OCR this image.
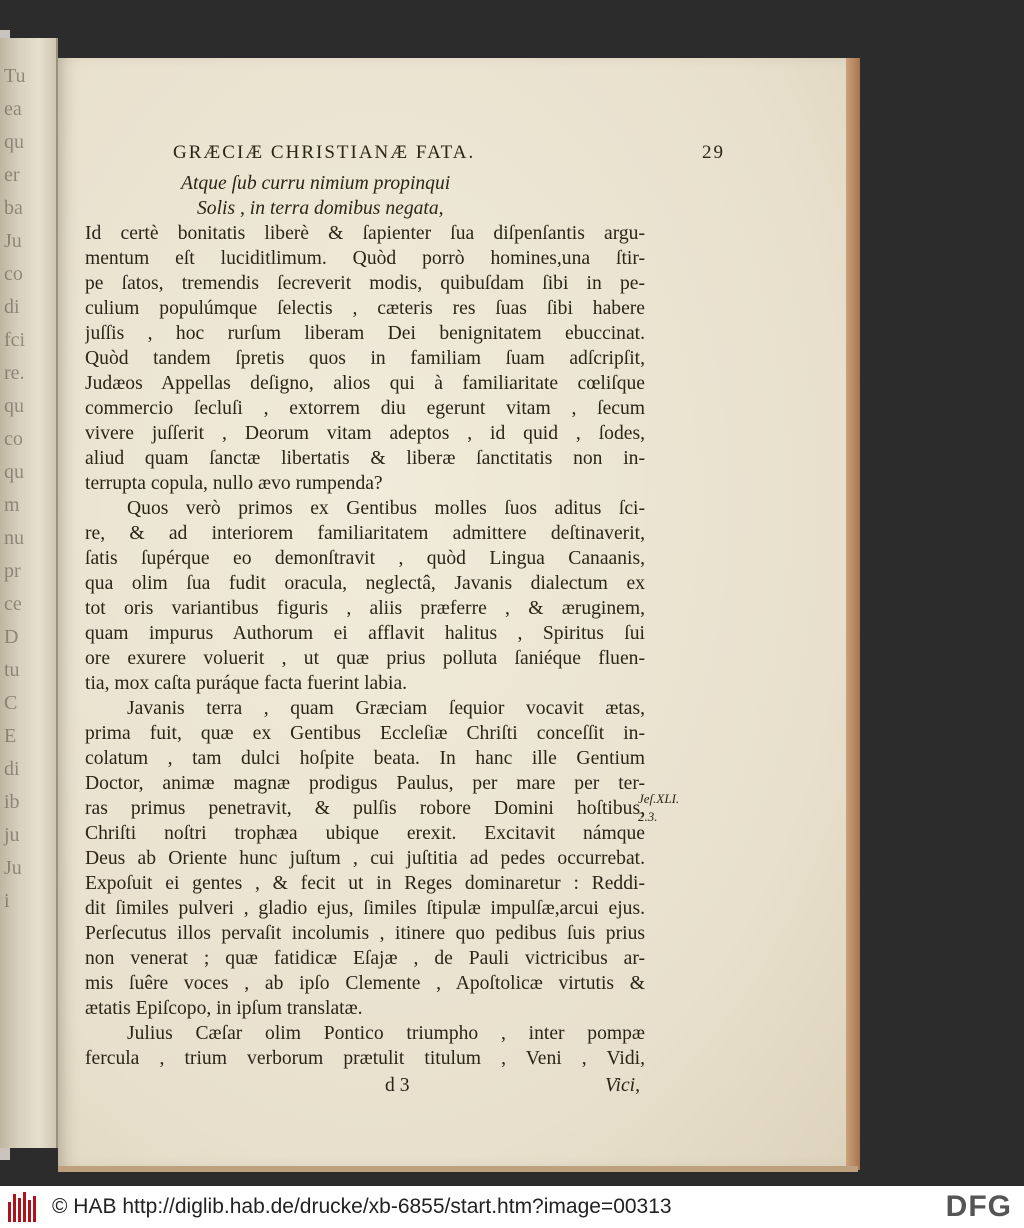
Tu
ea
qu
er
ba
Ju
co
di
fci
re.
qu
co
qu
m
nu
pr
ce
D
tu
C
E
di
ib
ju
Ju
i
GRÆCIÆ CHRISTIANÆ FATA.	29
Atque ſub curru nimium propinqui
Solis , in terra domibus negata,
Id certè bonitatis liberè & ſapienter ſua diſpenſantis argu-
mentum eſt luciditlimum. Quòd porrò homines,una ſtir-
pe ſatos, tremendis ſecreverit modis, quibuſdam ſibi in pe-
culium populúmque ſelectis , cæteris res ſuas ſibi habere
juſſis , hoc rurſum liberam Dei benignitatem ebuccinat.
Quòd tandem ſpretis quos in familiam ſuam adſcripſit,
Judæos Appellas deſigno, alios qui à familiaritate cœliſque
commercio ſecluſi , extorrem diu egerunt vitam , ſecum
vivere juſſerit , Deorum vitam adeptos , id quid , ſodes,
aliud quam ſanctæ libertatis & liberæ ſanctitatis non in-
terrupta copula, nullo ævo rumpenda?
Quos verò primos ex Gentibus molles ſuos aditus ſci-
re, & ad interiorem familiaritatem admittere deſtinaverit,
ſatis ſupérque eo demonſtravit , quòd Lingua Canaanis,
qua olim ſua fudit oracula, neglectâ, Javanis dialectum ex
tot oris variantibus figuris , aliis præferre , & æruginem,
quam impurus Authorum ei afflavit halitus , Spiritus ſui
ore exurere voluerit , ut quæ prius polluta ſaniéque fluen-
tia, mox caſta puráque facta fuerint labia.
Javanis terra , quam Græciam ſequior vocavit ætas,
prima fuit, quæ ex Gentibus Eccleſiæ Chriſti conceſſit in-
colatum , tam dulci hoſpite beata. In hanc ille Gentium
Doctor, animæ magnæ prodigus Paulus, per mare per ter-
ras primus penetravit, & pulſis robore Domini hoſtibus,
Chriſti noſtri trophæa ubique erexit. Excitavit námque
Deus ab Oriente hunc juſtum , cui juſtitia ad pedes occurrebat.
Expoſuit ei gentes , & fecit ut in Reges dominaretur : Reddi-
dit ſimiles pulveri , gladio ejus, ſimiles ſtipulæ impulſæ,arcui ejus.
Perſecutus illos pervaſit incolumis , itinere quo pedibus ſuis prius
non venerat ; quæ fatidicæ Eſajæ , de Pauli victricibus ar-
mis ſuêre voces , ab ipſo Clemente , Apoſtolicæ virtutis &
ætatis Epiſcopo, in ipſum translatæ.
Julius Cæſar olim Pontico triumpho , inter pompæ
fercula , trium verborum prætulit titulum , Veni , Vidi,
d 3	Vici,
Jeſ.XLI.
2.3.
© HAB http://diglib.hab.de/drucke/xb-6855/start.htm?image=00313	DFG
